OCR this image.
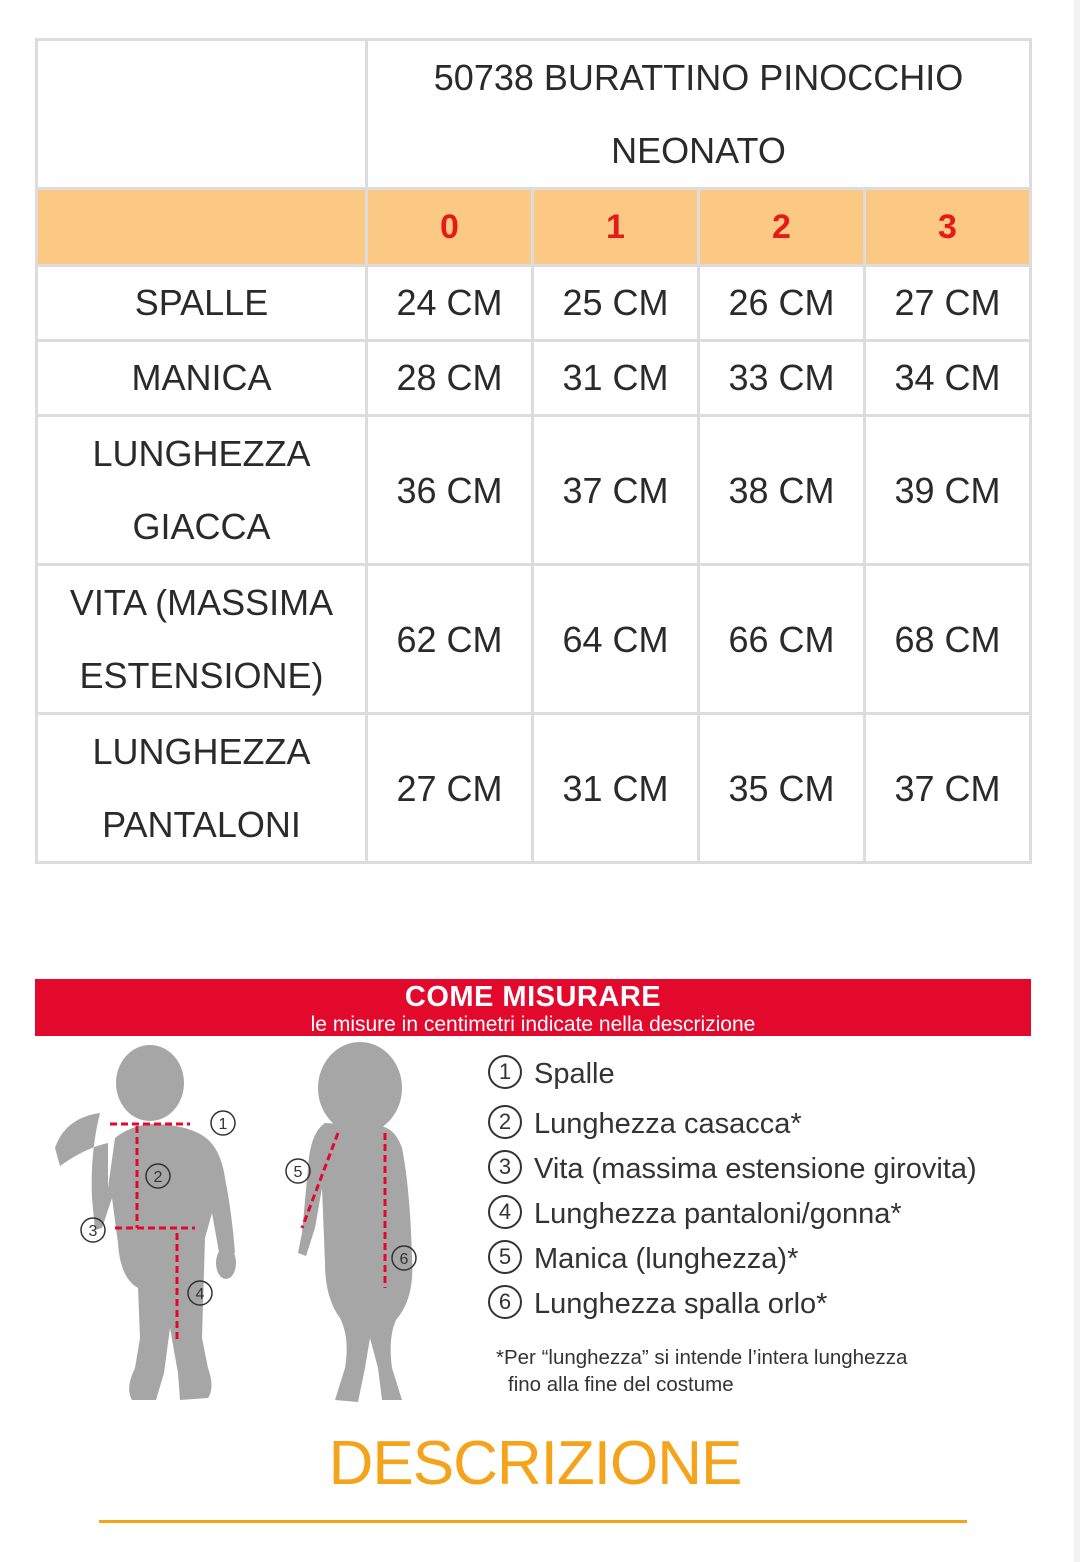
	50738 BURATTINO PINOCCHIO
NEONATO			

	0	1	2	3
SPALLE	24 CM	25 CM	26 CM	27 CM
MANICA	28 CM	31 CM	33 CM	34 CM

LUNGHEZZA
GIACCA	36 CM	37 CM	38 CM	39 CM

VITA (MASSIMA
ESTENSIONE)	62 CM	64 CM	66 CM	68 CM

LUNGHEZZA
PANTALONI	27 CM	31 CM	35 CM	37 CM
COME MISURARE
le misure in centimetri indicate nella descrizione
1
2
3
4
5
6
1 Spalle
2 Lunghezza casacca*
3 Vita (massima estensione girovita)
4 Lunghezza pantaloni/gonna*
5 Manica (lunghezza)*
6 Lunghezza spalla orlo*
*Per “lunghezza” si intende l’intera lunghezza
fino alla fine del costume
DESCRIZIONE
